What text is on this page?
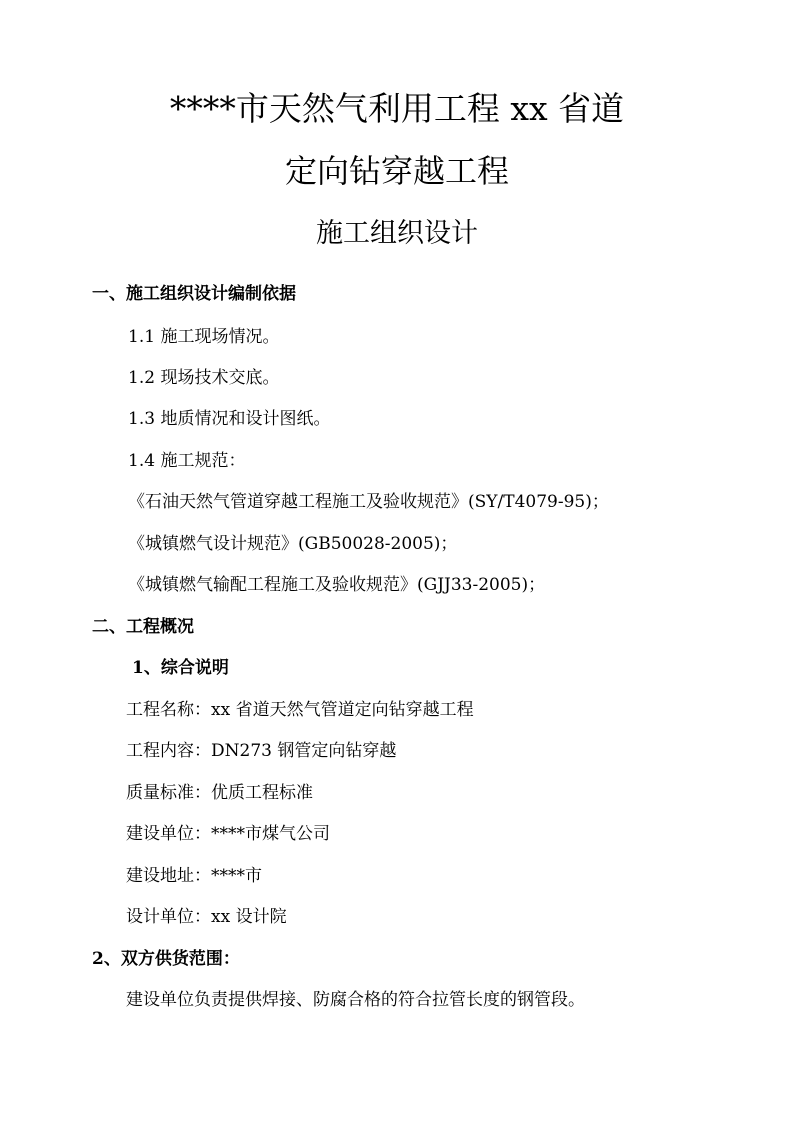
****市天然气利用工程 xx 省道
定向钻穿越工程
施工组织设计
一、施工组织设计编制依据
1.1 施工现场情况。
1.2 现场技术交底。
1.3 地质情况和设计图纸。
1.4 施工规范：
《石油天然气管道穿越工程施工及验收规范》(SY/T4079-95)；
《城镇燃气设计规范》(GB50028-2005)；
《城镇燃气输配工程施工及验收规范》(GJJ33-2005)；
二、工程概况
1、综合说明
工程名称：xx 省道天然气管道定向钻穿越工程
工程内容：DN273 钢管定向钻穿越
质量标准：优质工程标准
建设单位：****市煤气公司
建设地址：****市
设计单位：xx 设计院
2、双方供货范围：
建设单位负责提供焊接、防腐合格的符合拉管长度的钢管段。
